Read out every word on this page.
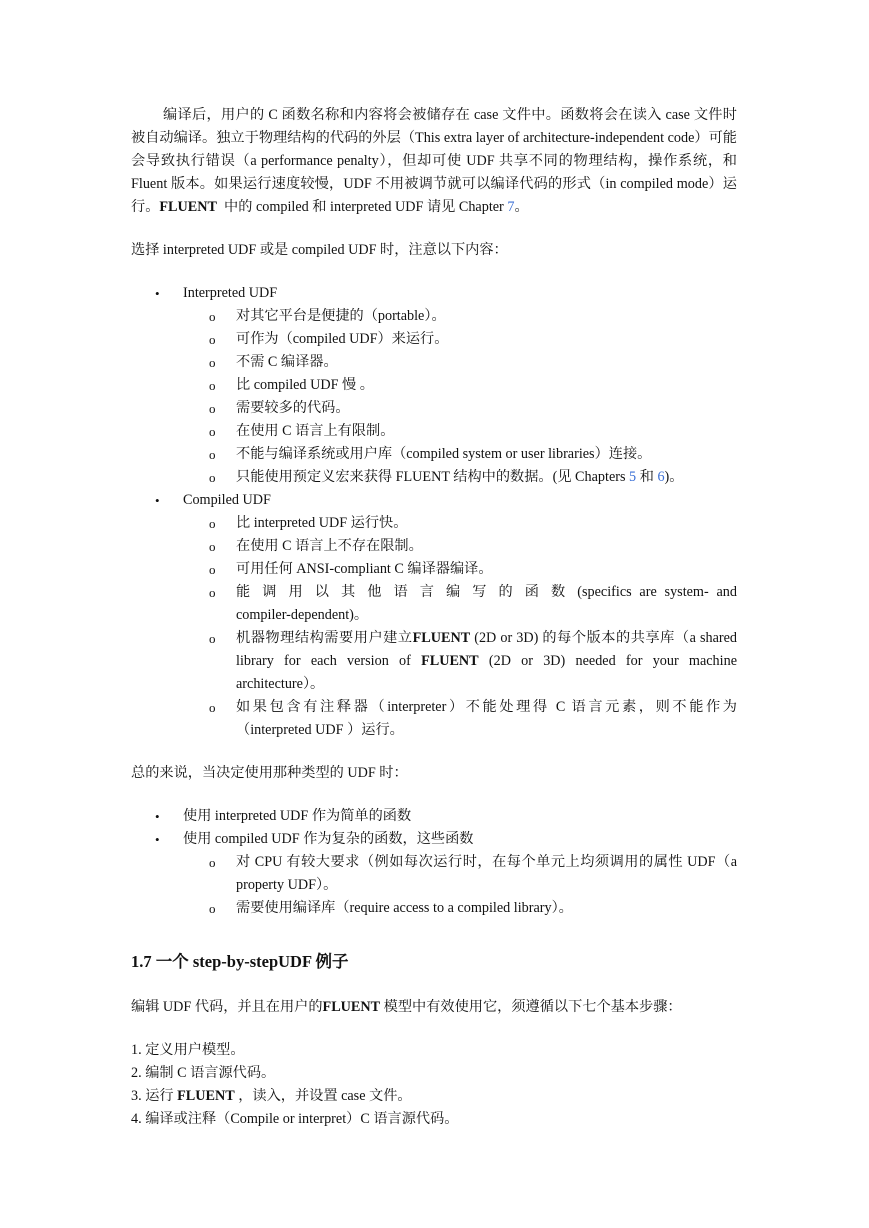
编译后，用户的 C 函数名称和内容将会被储存在 case 文件中。函数将会在读入 case 文件时被自动编译。独立于物理结构的代码的外层（This extra layer of architecture-independent code）可能会导致执行错误（a performance penalty），但却可使 UDF 共享不同的物理结构，操作系统，和 Fluent 版本。如果运行速度较慢，UDF 不用被调节就可以编译代码的形式（in compiled mode）运行。FLUENT 中的 compiled 和 interpreted UDF 请见 Chapter 7。
选择 interpreted UDF 或是 compiled UDF 时，注意以下内容：
• Interpreted UDF
o 对其它平台是便捷的（portable）。
o 可作为（compiled UDF）来运行。
o 不需 C 编译器。
o 比 compiled UDF 慢 。
o 需要较多的代码。
o 在使用 C 语言上有限制。
o 不能与编译系统或用户库（compiled system or user libraries）连接。
o 只能使用预定义宏来获得 FLUENT 结构中的数据。(见 Chapters 5 和 6)。
• Compiled UDF
o 比 interpreted UDF 运行快。
o 在使用 C 语言上不存在限制。
o 可用任何 ANSI-compliant C 编译器编译。
o 能 调 用 以 其 他 语 言 编 写 的 函 数 (specifics are system- and
compiler-dependent)。
o 机器物理结构需要用户建立FLUENT (2D or 3D) 的每个版本的共享库（a shared library for each version of FLUENT (2D or 3D) needed for your machine architecture）。
o 如果包含有注释器（interpreter）不能处理得 C 语言元素，则不能作为（interpreted UDF ）运行。
总的来说，当决定使用那种类型的 UDF 时：
• 使用 interpreted UDF 作为简单的函数
• 使用 compiled UDF 作为复杂的函数，这些函数
o 对 CPU 有较大要求（例如每次运行时，在每个单元上均须调用的属性 UDF（a property UDF）。
o 需要使用编译库（require access to a compiled library）。
1.7 一个 step-by-stepUDF 例子
编辑 UDF 代码，并且在用户的FLUENT 模型中有效使用它，须遵循以下七个基本步骤：
1. 定义用户模型。
2. 编制 C 语言源代码。
3. 运行 FLUENT ，读入，并设置 case 文件。
4. 编译或注释（Compile or interpret）C 语言源代码。
